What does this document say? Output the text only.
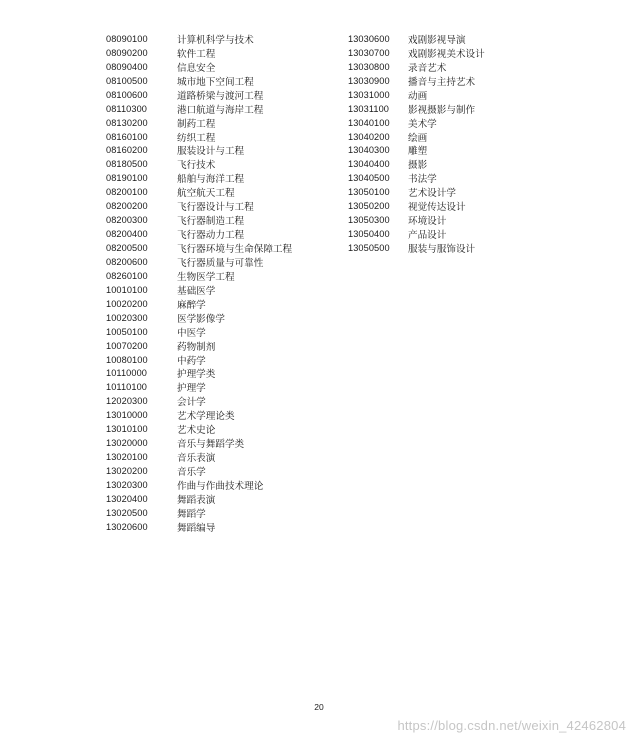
08090100	计算机科学与技术
08090200	软件工程
08090400	信息安全
08100500	城市地下空间工程
08100600	道路桥梁与渡河工程
08110300	港口航道与海岸工程
08130200	制药工程
08160100	纺织工程
08160200	服装设计与工程
08180500	飞行技术
08190100	船舶与海洋工程
08200100	航空航天工程
08200200	飞行器设计与工程
08200300	飞行器制造工程
08200400	飞行器动力工程
08200500	飞行器环境与生命保障工程
08200600	飞行器质量与可靠性
08260100	生物医学工程
10010100	基础医学
10020200	麻醉学
10020300	医学影像学
10050100	中医学
10070200	药物制剂
10080100	中药学
10110000	护理学类
10110100	护理学
12020300	会计学
13010000	艺术学理论类
13010100	艺术史论
13020000	音乐与舞蹈学类
13020100	音乐表演
13020200	音乐学
13020300	作曲与作曲技术理论
13020400	舞蹈表演
13020500	舞蹈学
13020600	舞蹈编导
13030600	戏剧影视导演
13030700	戏剧影视美术设计
13030800	录音艺术
13030900	播音与主持艺术
13031000	动画
13031100	影视摄影与制作
13040100	美术学
13040200	绘画
13040300	雕塑
13040400	摄影
13040500	书法学
13050100	艺术设计学
13050200	视觉传达设计
13050300	环境设计
13050400	产品设计
13050500	服装与服饰设计
20
https://blog.csdn.net/weixin_42462804
